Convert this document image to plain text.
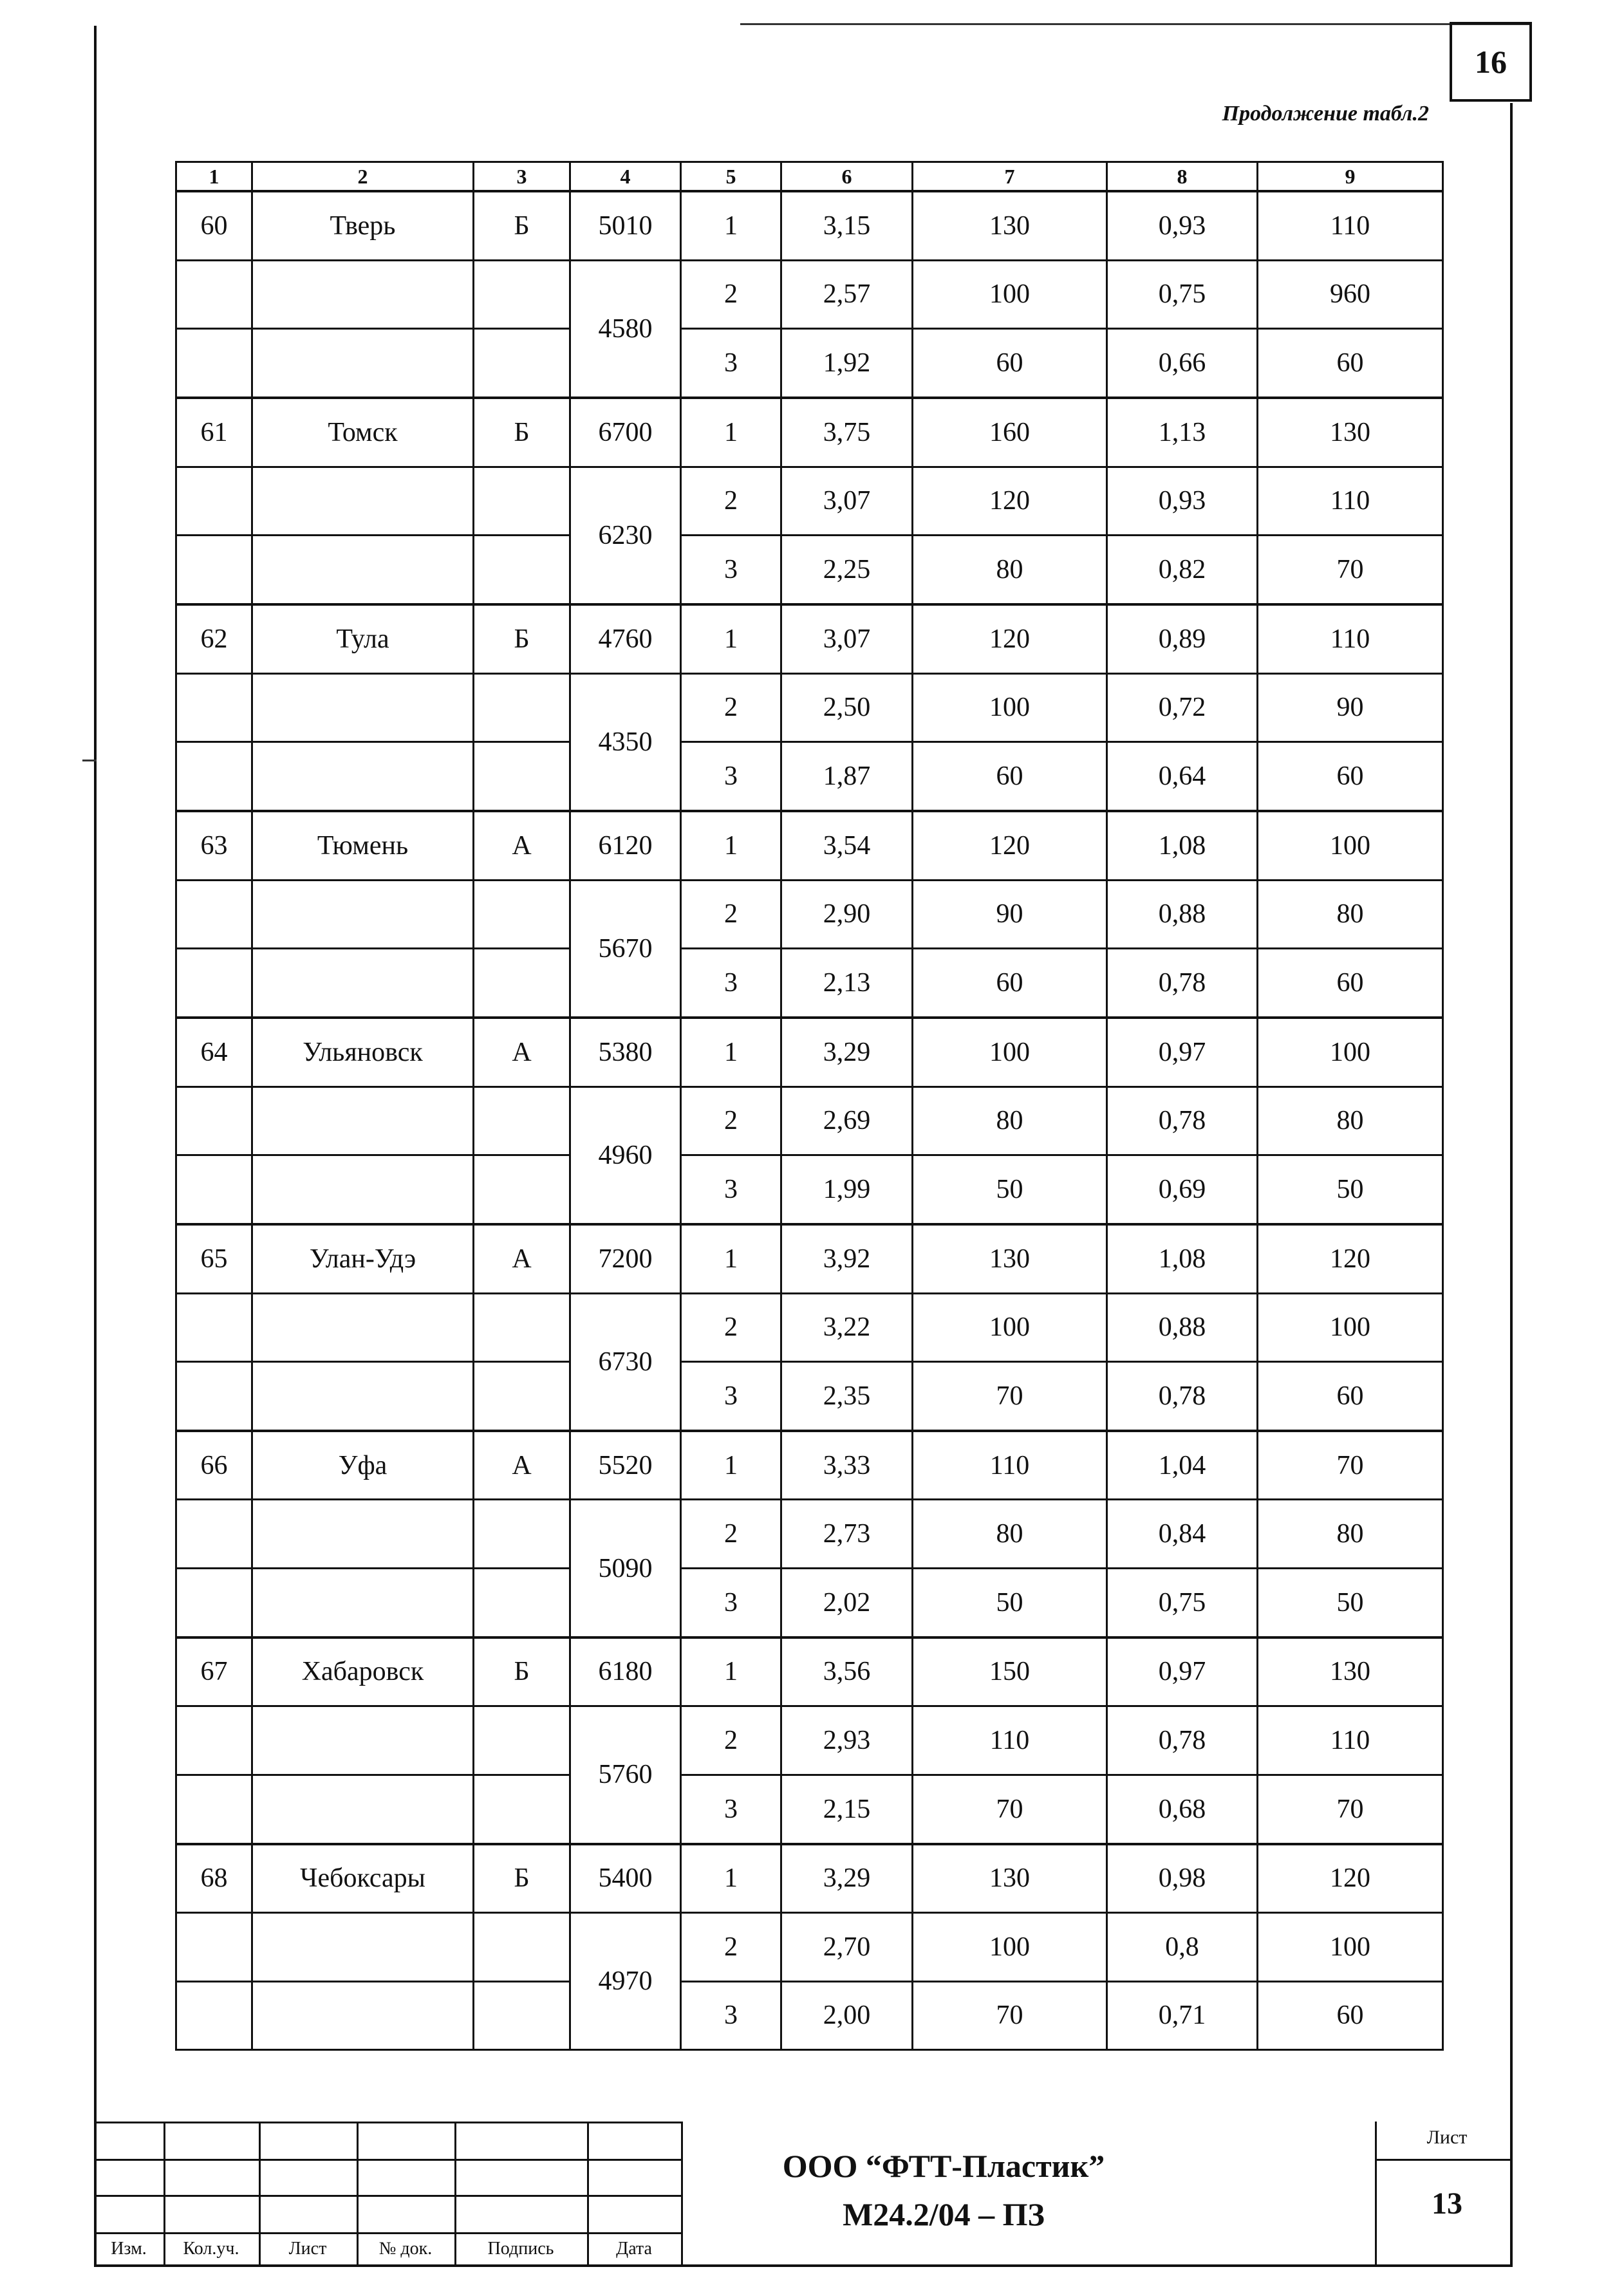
16
Продолжение табл.2
1	2	3	4	5	6	7	8	9
60	Тверь	Б	5010	1	3,15	130	0,93	110
			4580	2	2,57	100	0,75	960
				3	1,92	60	0,66	60
61	Томск	Б	6700	1	3,75	160	1,13	130
			6230	2	3,07	120	0,93	110
				3	2,25	80	0,82	70
62	Тула	Б	4760	1	3,07	120	0,89	110
			4350	2	2,50	100	0,72	90
				3	1,87	60	0,64	60
63	Тюмень	А	6120	1	3,54	120	1,08	100
			5670	2	2,90	90	0,88	80
				3	2,13	60	0,78	60
64	Ульяновск	А	5380	1	3,29	100	0,97	100
			4960	2	2,69	80	0,78	80
				3	1,99	50	0,69	50
65	Улан-Удэ	А	7200	1	3,92	130	1,08	120
			6730	2	3,22	100	0,88	100
				3	2,35	70	0,78	60
66	Уфа	А	5520	1	3,33	110	1,04	70
			5090	2	2,73	80	0,84	80
				3	2,02	50	0,75	50
67	Хабаровск	Б	6180	1	3,56	150	0,97	130
			5760	2	2,93	110	0,78	110
				3	2,15	70	0,68	70
68	Чебоксары	Б	5400	1	3,29	130	0,98	120
			4970	2	2,70	100	0,8	100
				3	2,00	70	0,71	60
Изм.	Кол.уч.	Лист	№ док.	Подпись	Дата
ООО “ФТТ-Пластик”
М24.2/04 – ПЗ
Лист
13
